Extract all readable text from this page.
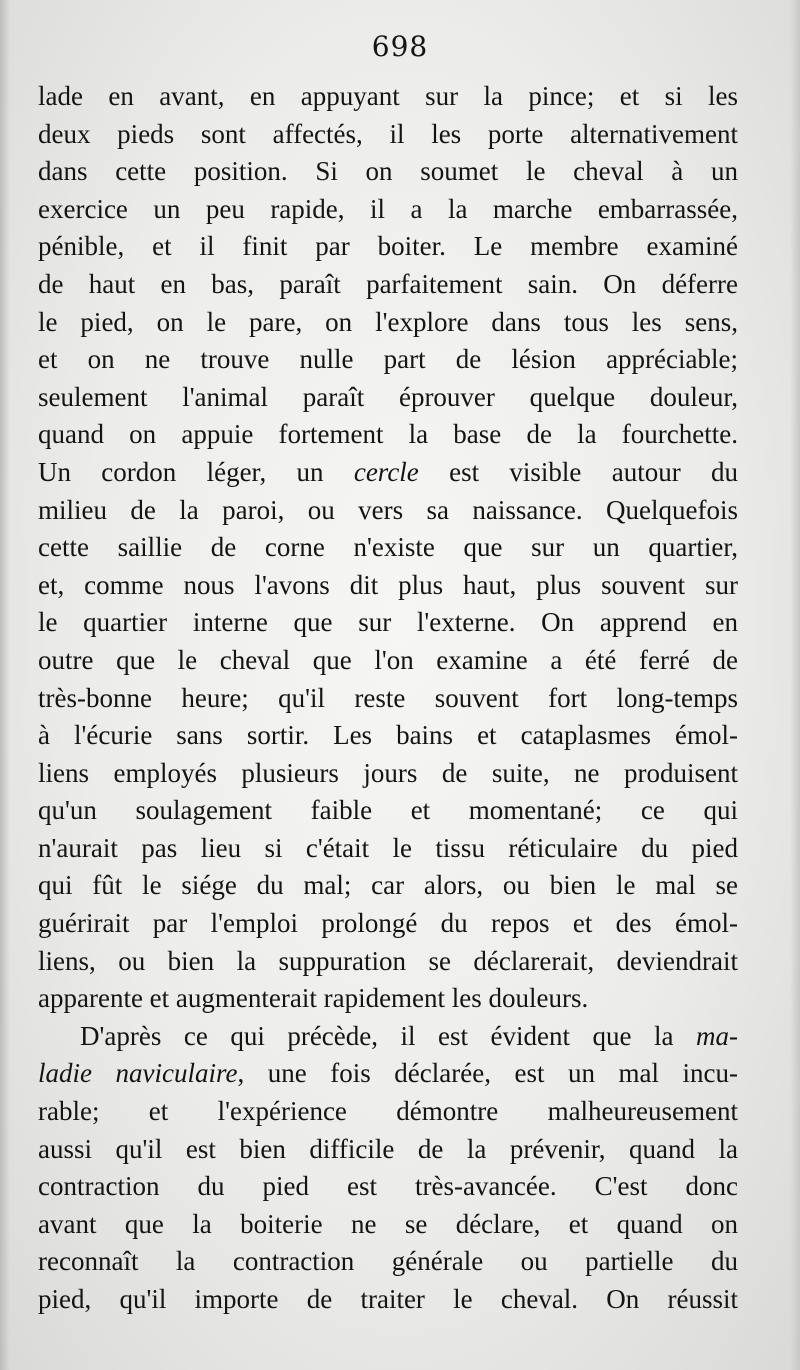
698
lade en avant, en appuyant sur la pince; et si les
deux pieds sont affectés, il les porte alternativement
dans cette position. Si on soumet le cheval à un
exercice un peu rapide, il a la marche embarrassée,
pénible, et il finit par boiter. Le membre examiné
de haut en bas, paraît parfaitement sain. On déferre
le pied, on le pare, on l'explore dans tous les sens,
et on ne trouve nulle part de lésion appréciable;
seulement l'animal paraît éprouver quelque douleur,
quand on appuie fortement la base de la fourchette.
Un cordon léger, un cercle est visible autour du
milieu de la paroi, ou vers sa naissance. Quelquefois
cette saillie de corne n'existe que sur un quartier,
et, comme nous l'avons dit plus haut, plus souvent sur
le quartier interne que sur l'externe. On apprend en
outre que le cheval que l'on examine a été ferré de
très-bonne heure; qu'il reste souvent fort long-temps
à l'écurie sans sortir. Les bains et cataplasmes émol-
liens employés plusieurs jours de suite, ne produisent
qu'un soulagement faible et momentané; ce qui
n'aurait pas lieu si c'était le tissu réticulaire du pied
qui fût le siége du mal; car alors, ou bien le mal se
guérirait par l'emploi prolongé du repos et des émol-
liens, ou bien la suppuration se déclarerait, deviendrait
apparente et augmenterait rapidement les douleurs.
D'après ce qui précède, il est évident que la ma-
ladie naviculaire, une fois déclarée, est un mal incu-
rable; et l'expérience démontre malheureusement
aussi qu'il est bien difficile de la prévenir, quand la
contraction du pied est très-avancée. C'est donc
avant que la boiterie ne se déclare, et quand on
reconnaît la contraction générale ou partielle du
pied, qu'il importe de traiter le cheval. On réussit
